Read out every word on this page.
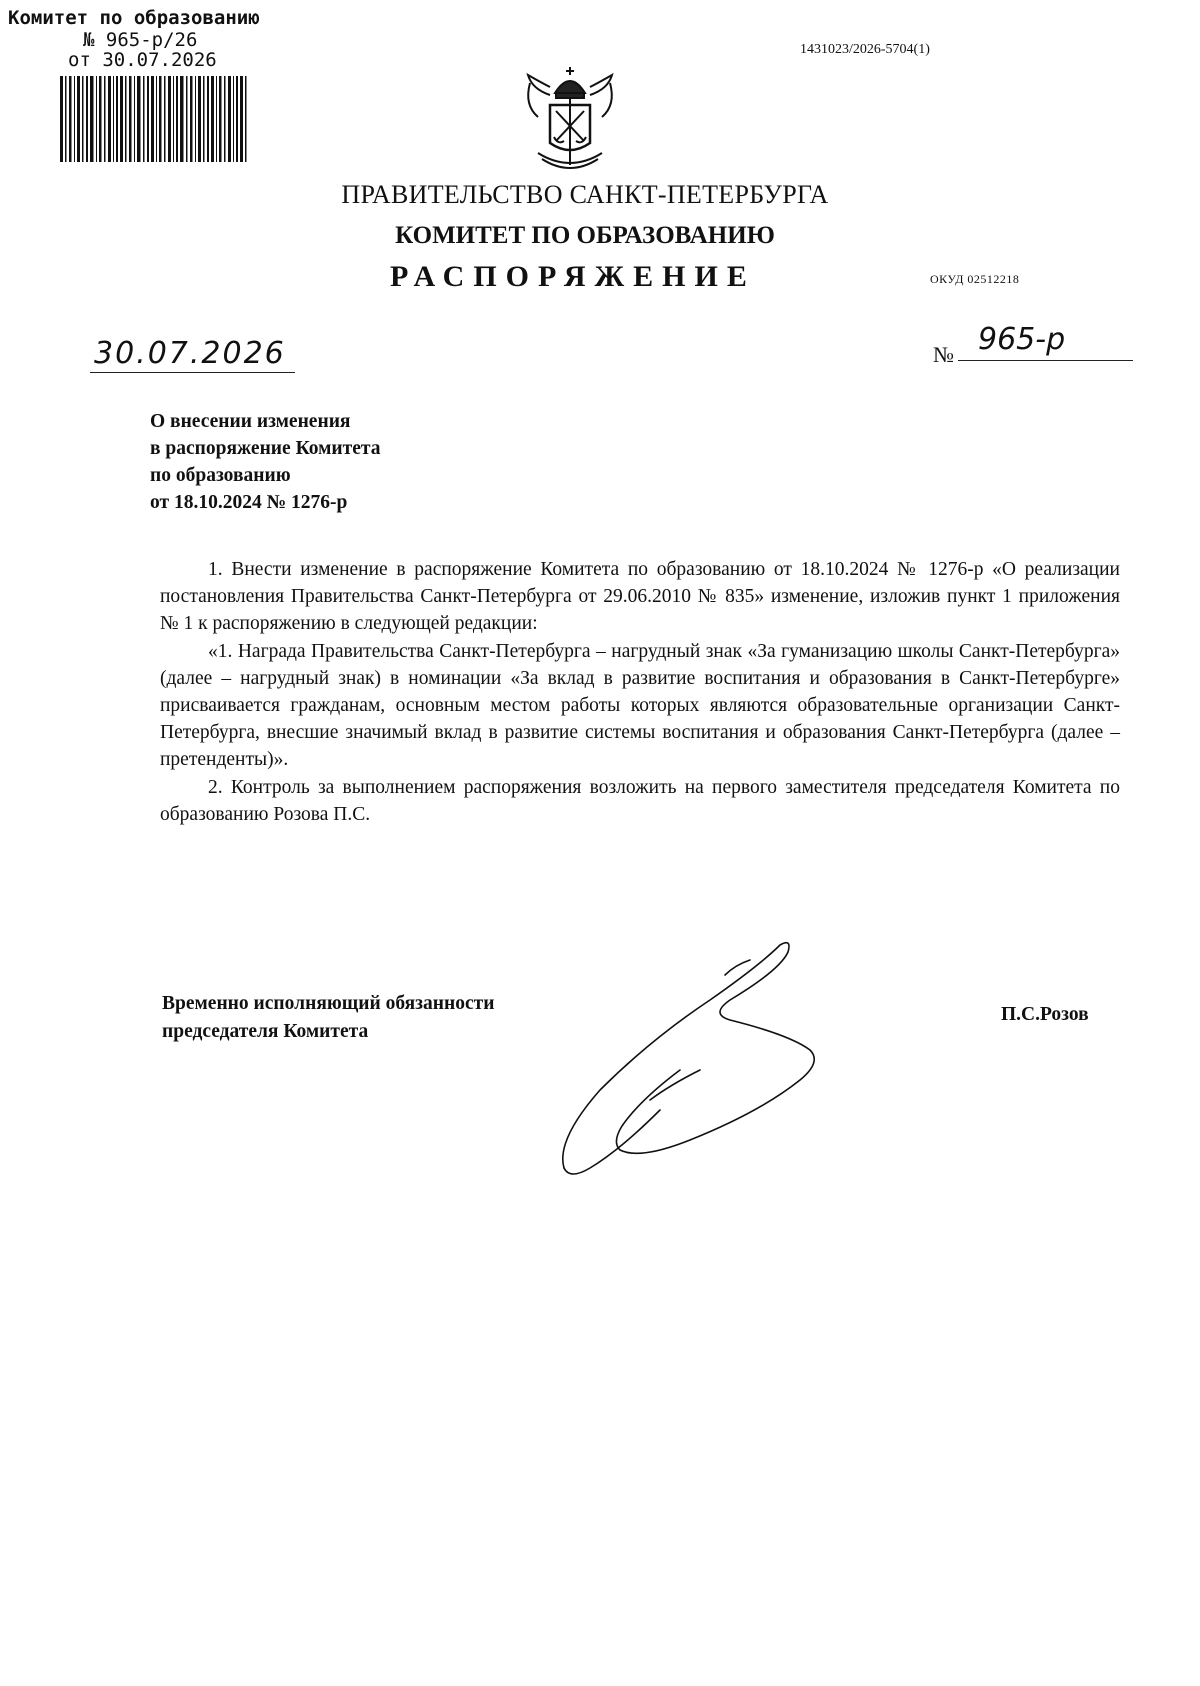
Комитет по образованию
№ 965-р/26
от 30.07.2026	1431023/2026-5704(1)
ПРАВИТЕЛЬСТВО САНКТ-ПЕТЕРБУРГА
КОМИТЕТ ПО ОБРАЗОВАНИЮ
РАСПОРЯЖЕНИЕ	ОКУД 02512218
30.07.2026	№ 965-р
О внесении изменения
в распоряжение Комитета
по образованию
от 18.10.2024 № 1276-р

1. Внести изменение в распоряжение Комитета по образованию от 18.10.2024 № 1276-р «О реализации постановления Правительства Санкт-Петербурга от 29.06.2010 № 835» изменение, изложив пункт 1 приложения № 1 к распоряжению в следующей редакции:

«1. Награда Правительства Санкт-Петербурга – нагрудный знак «За гуманизацию школы Санкт-Петербурга» (далее – нагрудный знак) в номинации «За вклад в развитие воспитания и образования в Санкт-Петербурге» присваивается гражданам, основным местом работы которых являются образовательные организации Санкт-Петербурга, внесшие значимый вклад в развитие системы воспитания и образования Санкт-Петербурга (далее – претенденты)».

2. Контроль за выполнением распоряжения возложить на первого заместителя председателя Комитета по образованию Розова П.С.

Временно исполняющий обязанности
председателя Комитета
П.С.Розов
